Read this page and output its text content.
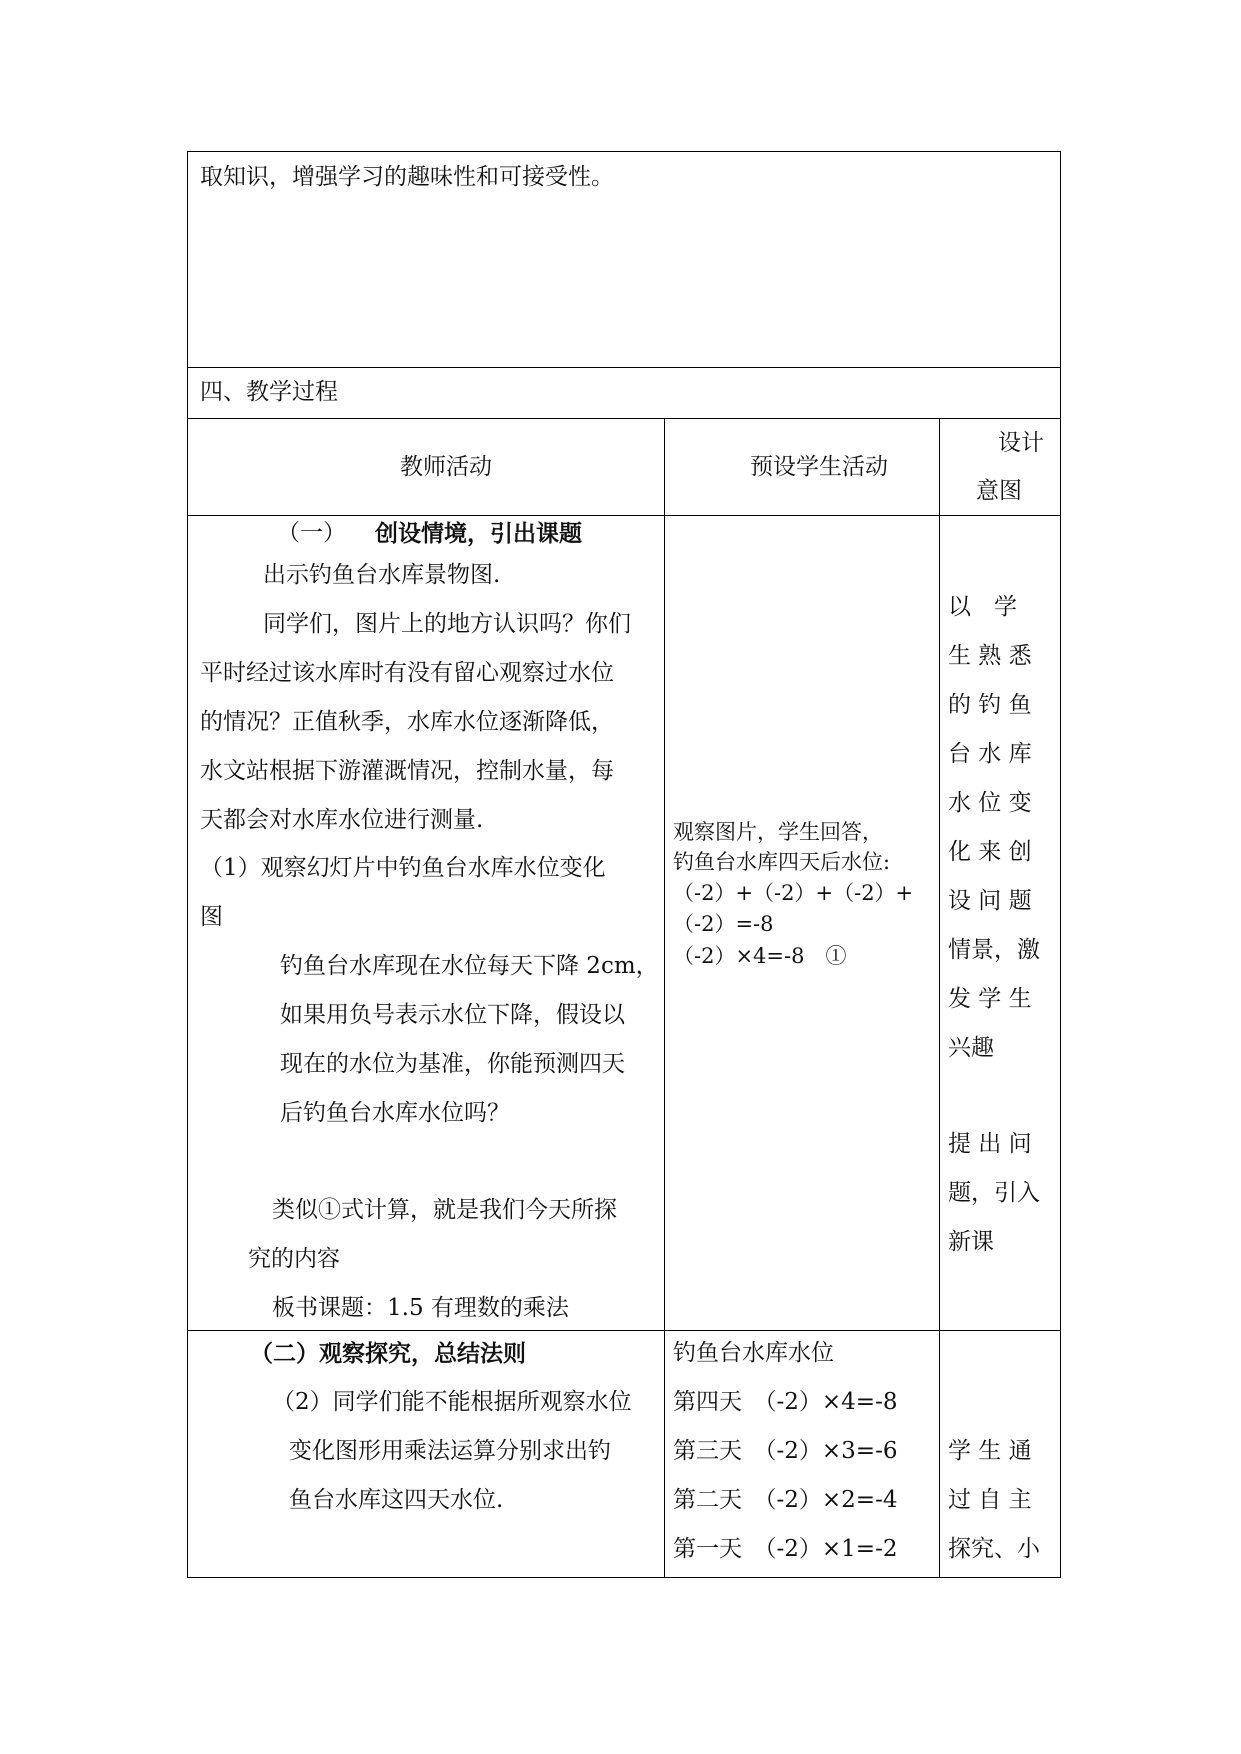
取知识，增强学习的趣味性和可接受性。
四、教学过程
教师活动	预设学生活动
设计
意图
（一） 创设情境，引出课题
出示钓鱼台水库景物图.
同学们，图片上的地方认识吗？你们
平时经过该水库时有没有留心观察过水位
的情况？正值秋季，水库水位逐渐降低，
水文站根据下游灌溉情况，控制水量，每
天都会对水库水位进行测量.
（1）观察幻灯片中钓鱼台水库水位变化
图
钓鱼台水库现在水位每天下降 2cm，
如果用负号表示水位下降，假设以
现在的水位为基准，你能预测四天
后钓鱼台水库水位吗？
类似①式计算，就是我们今天所探
究的内容
板书课题：1.5 有理数的乘法
观察图片，学生回答，
钓鱼台水库四天后水位:
（-2）+（-2）+（-2）+
（-2）=-8
（-2）×4=-8　①
以　学
生 熟 悉
的 钓 鱼
台 水 库
水 位 变
化 来 创
设 问 题
情景，激
发 学 生
兴趣
提 出 问
题，引入
新课
（二）观察探究，总结法则
（2）同学们能不能根据所观察水位
变化图形用乘法运算分别求出钓
鱼台水库这四天水位.
钓鱼台水库水位
第四天　（-2）×4=-8
第三天　（-2）×3=-6
第二天　（-2）×2=-4
第一天　（-2）×1=-2
学 生 通
过 自 主
探究、小
